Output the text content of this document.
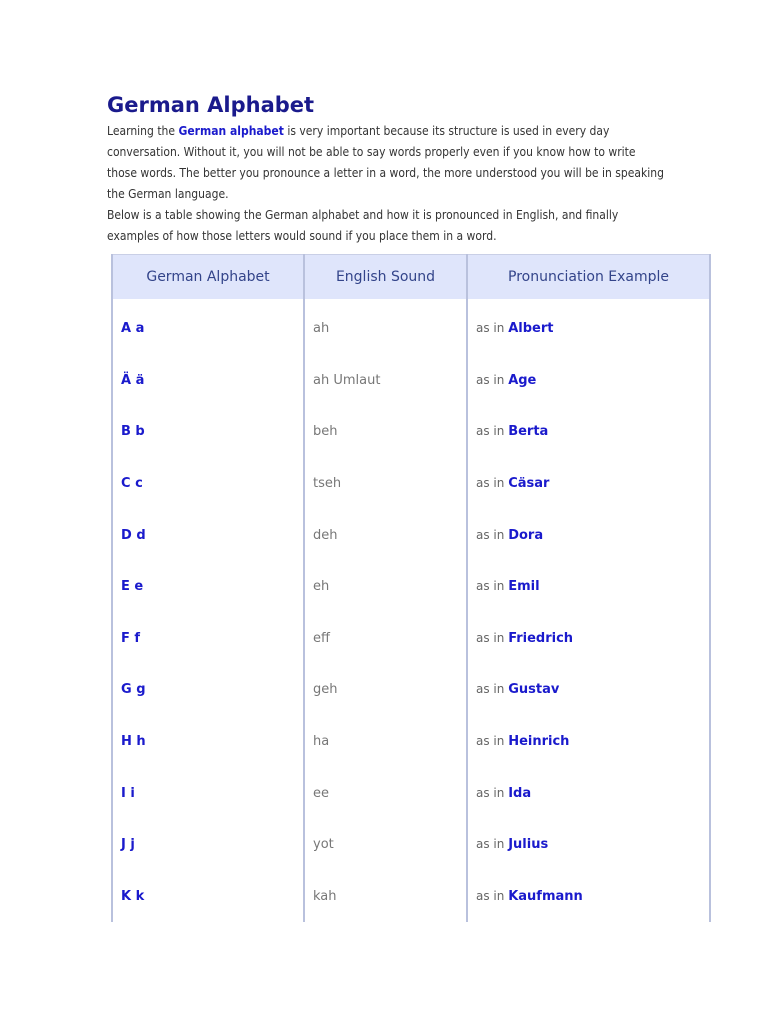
German Alphabet

Learning the German alphabet is very important because its structure is used in every day conversation. Without it, you will not be able to say words properly even if you know how to write those words. The better you pronounce a letter in a word, the more understood you will be in speaking the German language.

Below is a table showing the German alphabet and how it is pronounced in English, and finally examples of how those letters would sound if you place them in a word.

German Alphabet	English Sound	Pronunciation Example
A a	ah	as in Albert
Ä ä	ah Umlaut	as in Age
B b	beh	as in Berta
C c	tseh	as in Cäsar
D d	deh	as in Dora
E e	eh	as in Emil
F f	eff	as in Friedrich
G g	geh	as in Gustav
H h	ha	as in Heinrich
I i	ee	as in Ida
J j	yot	as in Julius
K k	kah	as in Kaufmann
